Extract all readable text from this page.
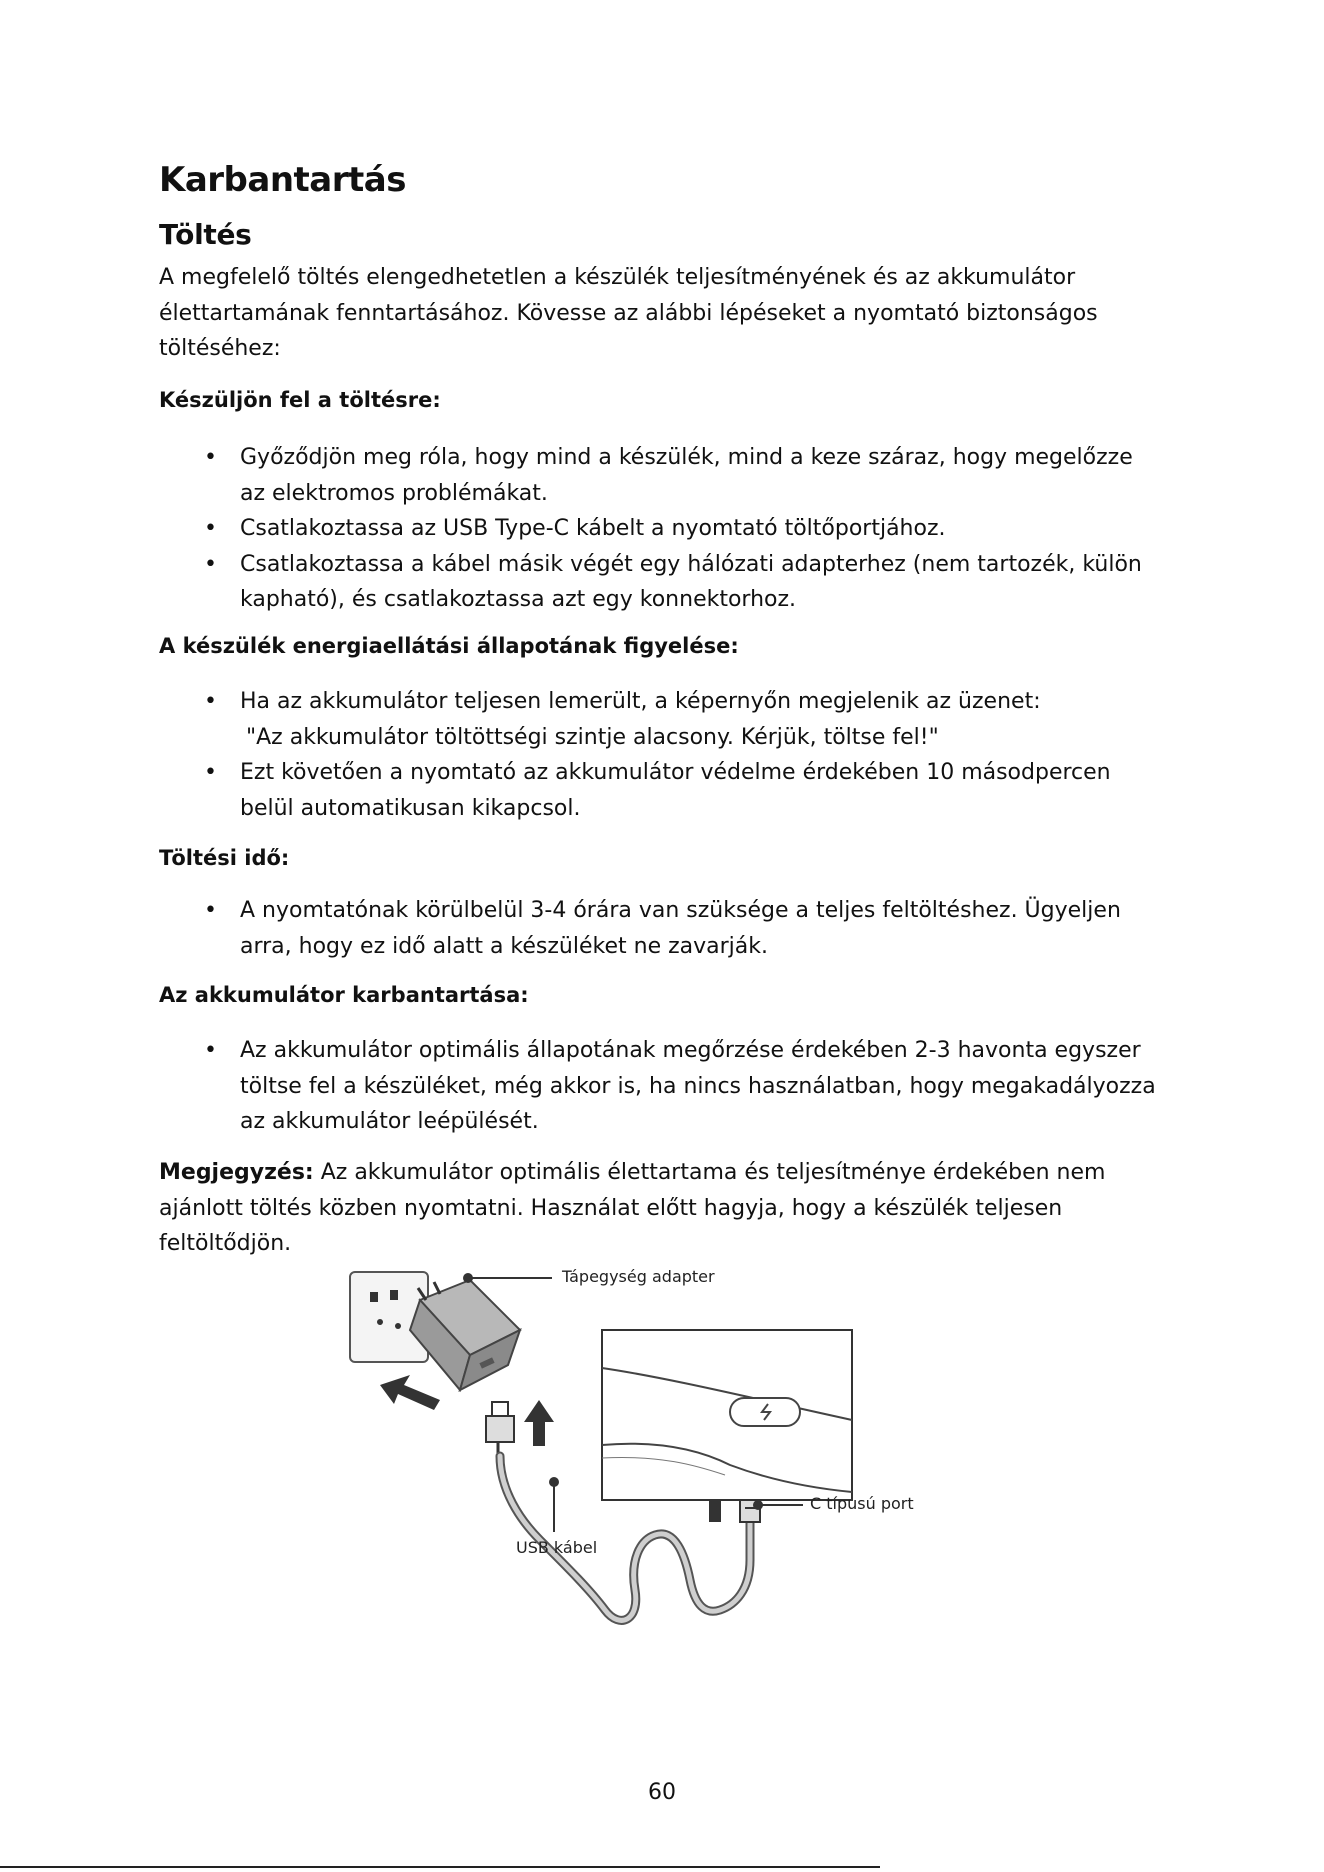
Karbantartás
Töltés

A megfelelő töltés elengedhetetlen a készülék teljesítményének és az akkumulátor élettartamának fenntartásához. Kövesse az alábbi lépéseket a nyomtató biztonságos töltéséhez:

Készüljön fel a töltésre:
• Győződjön meg róla, hogy mind a készülék, mind a keze száraz, hogy megelőzze az elektromos problémákat.
• Csatlakoztassa az USB Type-C kábelt a nyomtató töltőportjához.
• Csatlakoztassa a kábel másik végét egy hálózati adapterhez (nem tartozék, külön kapható), és csatlakoztassa azt egy konnektorhoz.
A készülék energiaellátási állapotának figyelése:
• Ha az akkumulátor teljesen lemerült, a képernyőn megjelenik az üzenet:
"Az akkumulátor töltöttségi szintje alacsony. Kérjük, töltse fel!"
• Ezt követően a nyomtató az akkumulátor védelme érdekében 10 másodpercen belül automatikusan kikapcsol.
Töltési idő:
• A nyomtatónak körülbelül 3-4 órára van szüksége a teljes feltöltéshez. Ügyeljen arra, hogy ez idő alatt a készüléket ne zavarják.
Az akkumulátor karbantartása:
• Az akkumulátor optimális állapotának megőrzése érdekében 2-3 havonta egyszer töltse fel a készüléket, még akkor is, ha nincs használatban, hogy megakadályozza az akkumulátor leépülését.

Megjegyzés: Az akkumulátor optimális élettartama és teljesítménye érdekében nem ajánlott töltés közben nyomtatni. Használat előtt hagyja, hogy a készülék teljesen feltöltődjön.

Tápegység adapter
C típusú port
USB kábel
60
